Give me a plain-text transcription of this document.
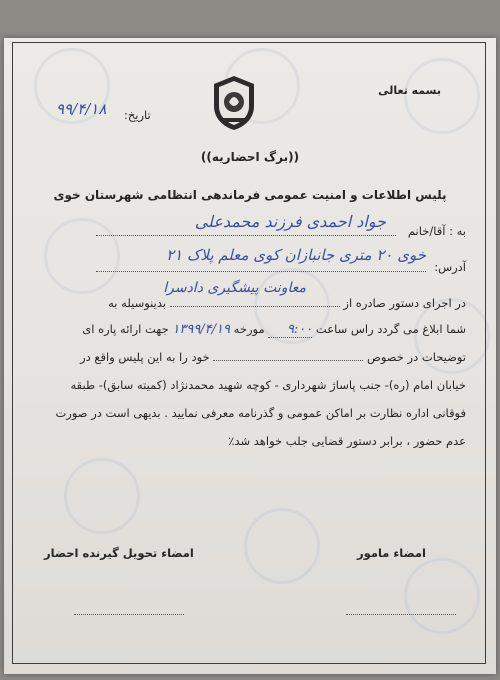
بسمه تعالی
تاریخ:
۹۹/۴/۱۸
((برگ احضاریه))
پلیس اطلاعات و امنیت عمومی فرماندهی انتظامی شهرستان خوی
به : آقا/خانم
جواد احمدی فرزند محمدعلی
آدرس:
خوی ۲۰ متری جانبازان کوی معلم پلاک ۲۱
معاونت پیشگیری دادسرا
در اجرای دستور صادره از  بدینوسیله به
شما ابلاغ می گردد راس ساعت ۹:۰۰ مورخه ۱۳۹۹/۴/۱۹ جهت ارائه پاره ای
توضیحات در خصوص  خود را به این پلیس واقع در
خیابان امام (ره)- جنب پاساژ شهرداری - کوچه شهید محمدنژاد (کمیته سابق)- طبقه
فوقانی اداره نظارت بر اماکن عمومی و گذرنامه معرفی نمایید . بدیهی است در صورت
عدم حضور ، برابر دستور قضایی جلب خواهد شد٪
امضاء مامور
امضاء تحویل گیرنده احضار
